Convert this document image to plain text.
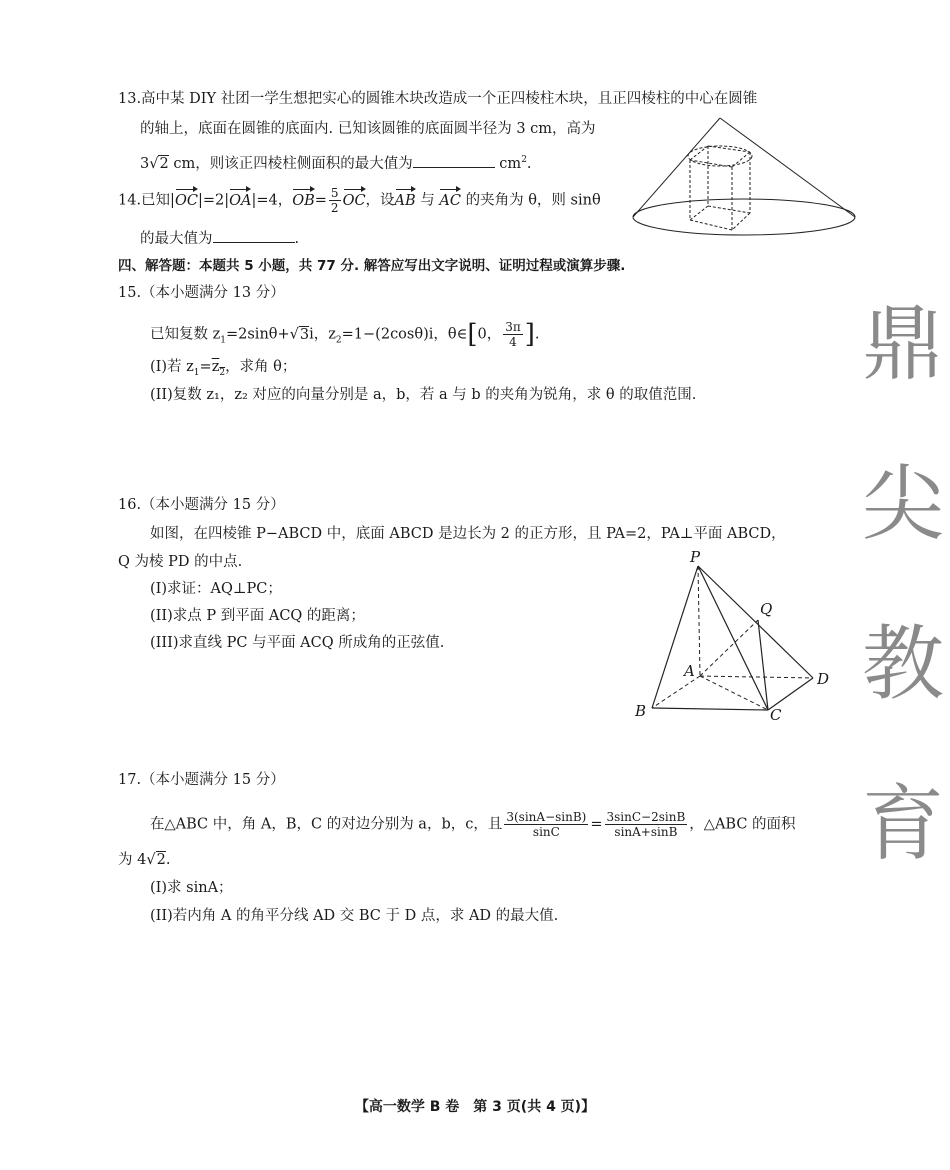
13.高中某 DIY 社团一学生想把实心的圆锥木块改造成一个正四棱柱木块，且正四棱柱的中心在圆锥
的轴上，底面在圆锥的底面内. 已知该圆锥的底面圆半径为 3 cm，高为
3√2 cm，则该正四棱柱侧面积的最大值为	$cm^2$.
14.已知|OC|=2|OA|=4，$OB= \frac{5}{2}$ OC，设AB 与 AC 的夹角为 θ，则 sinθ
的最大值为	.
四、解答题：本题共 5 小题，共 77 分. 解答应写出文字说明、证明过程或演算步骤.
15.（本小题满分 13 分）
已知复数 $z_1=2\sin\theta+√3i$，$z_2=1-(2\cos\theta)i$，θ∈[0， $\frac{3\pi}{4}$ ].
(I)若 $z_1=z_2$，求角 θ；
(II)复数 z₁，z₂ 对应的向量分别是 a，b，若 a 与 b 的夹角为锐角，求 θ 的取值范围.
16.（本小题满分 15 分）
如图，在四棱锥 P−ABCD 中，底面 ABCD 是边长为 2 的正方形，且 PA=2，PA⊥平面 ABCD，
Q 为棱 PD 的中点.
(I)求证：AQ⊥PC；
(II)求点 P 到平面 ACQ 的距离；
(III)求直线 PC 与平面 ACQ 所成角的正弦值.
P
Q
A
B	C
D
17.（本小题满分 15 分）
在△ABC 中，角 A，B，C 的对边分别为 a，b，c，且 $\frac{3(\sin A-\sin B)}{\sin C} = \frac{3\sin C-2\sin B}{\sin A+\sin B}$ ，△ABC 的面积
为 4√2.
(I)求 sinA；
(II)若内角 A 的角平分线 AD 交 BC 于 D 点，求 AD 的最大值.
鼎
尖
教
育
【高一数学 B 卷　第 3 页(共 4 页)】
